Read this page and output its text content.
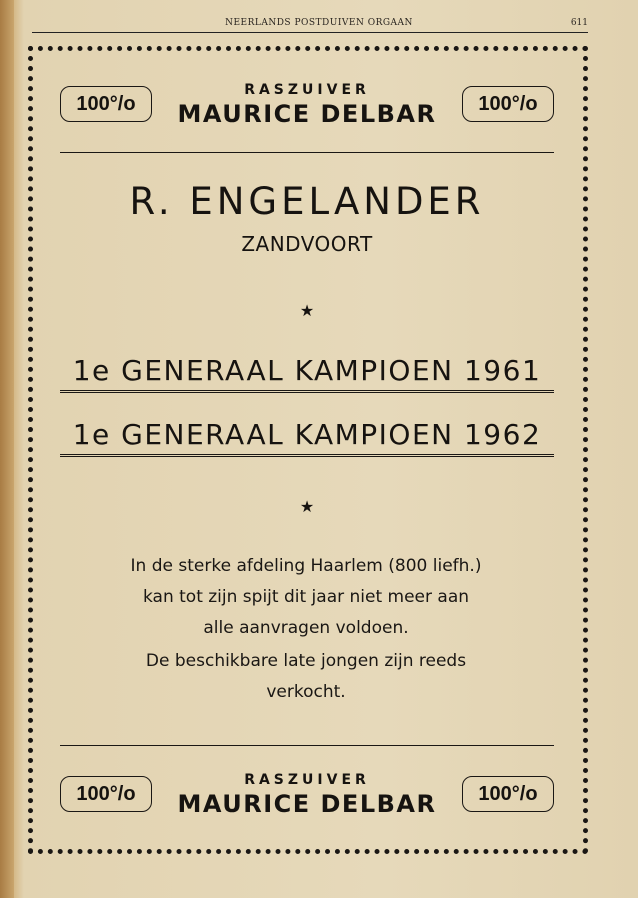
NEERLANDS POSTDUIVEN ORGAAN	611
100°/o
RASZUIVER
MAURICE DELBAR	100°/o
R. ENGELANDER
ZANDVOORT
★
1e GENERAAL KAMPIOEN 1961
1e GENERAAL KAMPIOEN 1962
★
In de sterke afdeling Haarlem (800 liefh.)
kan tot zijn spijt dit jaar niet meer aan
alle aanvragen voldoen.
De beschikbare late jongen zijn reeds
verkocht.
100°/o
RASZUIVER
MAURICE DELBAR	100°/o
